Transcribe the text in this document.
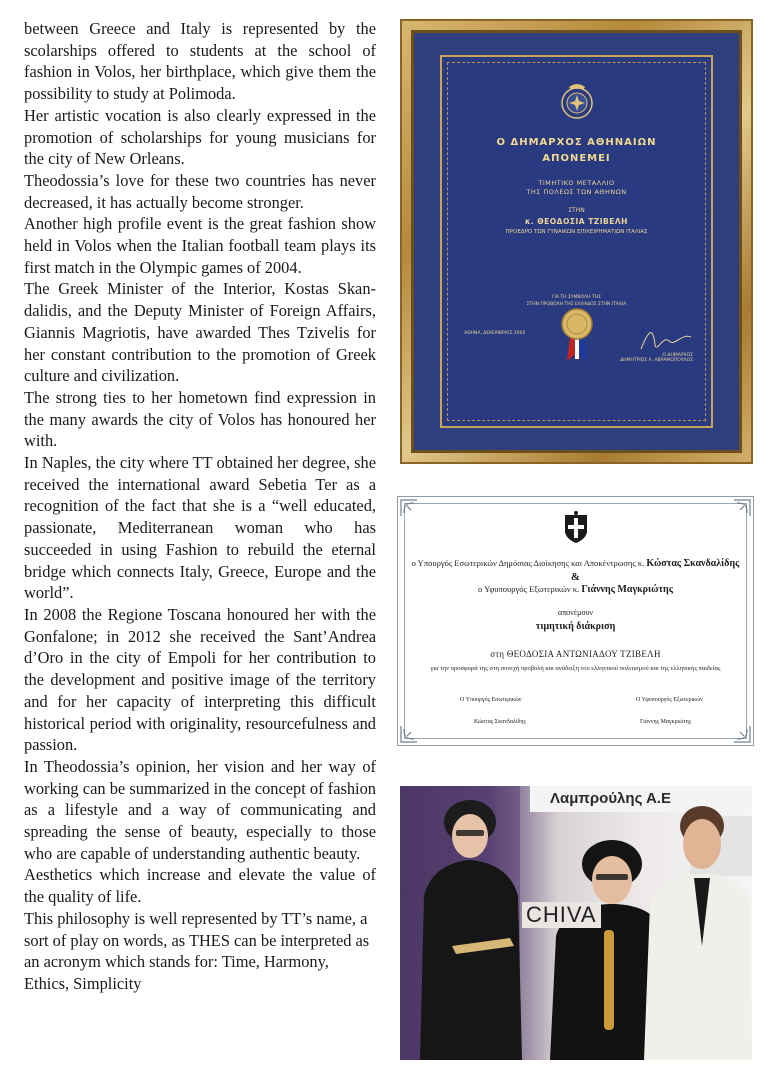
between Greece and Italy is represented by the scolarships offered to students at the school of fashion in Volos, her birthplace, which give them the possibility to study at Polimoda.

Her artistic vocation is also clearly expressed in the promotion of scholarships for young musicians for the city of New Orleans.

Theodossia’s love for these two countries has never decreased, it has actually become stronger.

Another high profile event is the great fashion show held in Volos when the Italian football team plays its first match in the Olympic games of 2004.

The Greek Minister of the Interior, Kostas Skandalidis, and the Deputy Minister of Foreign Affairs, Giannis Magriotis, have awarded Thes Tzivelis for her constant contribution to the promotion of Greek culture and civilization.

The strong ties to her hometown find expression in the many awards the city of Volos has honoured her with.

In Naples, the city where TT obtained her degree, she received the international award Sebetia Ter as a recognition of the fact that she is a “well educated, passionate, Mediterranean woman who has succeeded in using Fashion to rebuild the eternal bridge which connects Italy, Greece, Europe and the world”.

In 2008 the Regione Toscana honoured her with the Gonfalone; in 2012 she received the Sant’Andrea d’Oro in the city of Empoli for her contribution to the development and positive image of the territory and for her capacity of interpreting this difficult historical period with originality, resourcefulness and passion.

In Theodossia’s opinion, her vision and her way of working can be summarized in the concept of fashion as a lifestyle and a way of communicating and spreading the sense of beauty, especially to those who are capable of understanding authentic beauty.

Aesthetics which increase and elevate the value of the quality of life.

This philosophy is well represented by TT’s name, a sort of play on words, as THES can be interpreted as an acronym which stands for: Time, Harmony, Ethics, Simplicity

Ο ΔΗΜΑΡΧΟΣ ΑΘΗΝΑΙΩΝ

ΑΠΟΝΕΜΕΙ

ΤΙΜΗΤΙΚΟ ΜΕΤΑΛΛΙΟ

ΤΗΣ ΠΟΛΕΩΣ ΤΩΝ ΑΘΗΝΩΝ

ΣΤΗΝ

κ. ΘΕΟΔΟΣΙΑ ΤΖΙΒΕΛΗ

ΠΡΟΕΔΡΟ ΤΩΝ ΓΥΝΑΙΚΩΝ ΕΠΙΧΕΙΡΗΜΑΤΙΩΝ ΙΤΑΛΙΑΣ

ΓΙΑ ΤΗ ΣΥΜΒΟΛΗ ΤΗΣ

ΣΤΗΝ ΠΡΟΒΟΛΗ ΤΗΣ ΕΛΛΑΔΟΣ ΣΤΗΝ ΙΤΑΛΙΑ

ΑΘΗΝΑ, ΔΕΚΕΜΒΡΙΟΣ 2002
Ο ΔΗΜΑΡΧΟΣ
ΔΗΜΗΤΡΙΟΣ Λ. ΑΒΡΑΜΟΠΟΥΛΟΣ

ο Υπουργός Εσωτερικών Δημόσιας Διοίκησης και Αποκέντρωσης κ. Κώστας Σκανδαλίδης

&

ο Υφυπουργός Εξωτερικών κ. Γιάννης Μαγκριώτης

απονέμουν

τιμητική διάκριση

στη ΘΕΟΔΟΣΙΑ ΑΝΤΩΝΙΑΔΟΥ ΤΖΙΒΕΛΗ

για την προσφορά της στη συνεχή προβολή και ανάδειξη του ελληνικού πολιτισμού και της ελληνικής παιδείας

Ο Υπουργός Εσωτερικών
Κώστας Σκανδαλίδης
Ο Υφυπουργός Εξωτερικών
Γιάννης Μαγκριώτης
Λαμπρούλης Α.Ε
CHIVA
